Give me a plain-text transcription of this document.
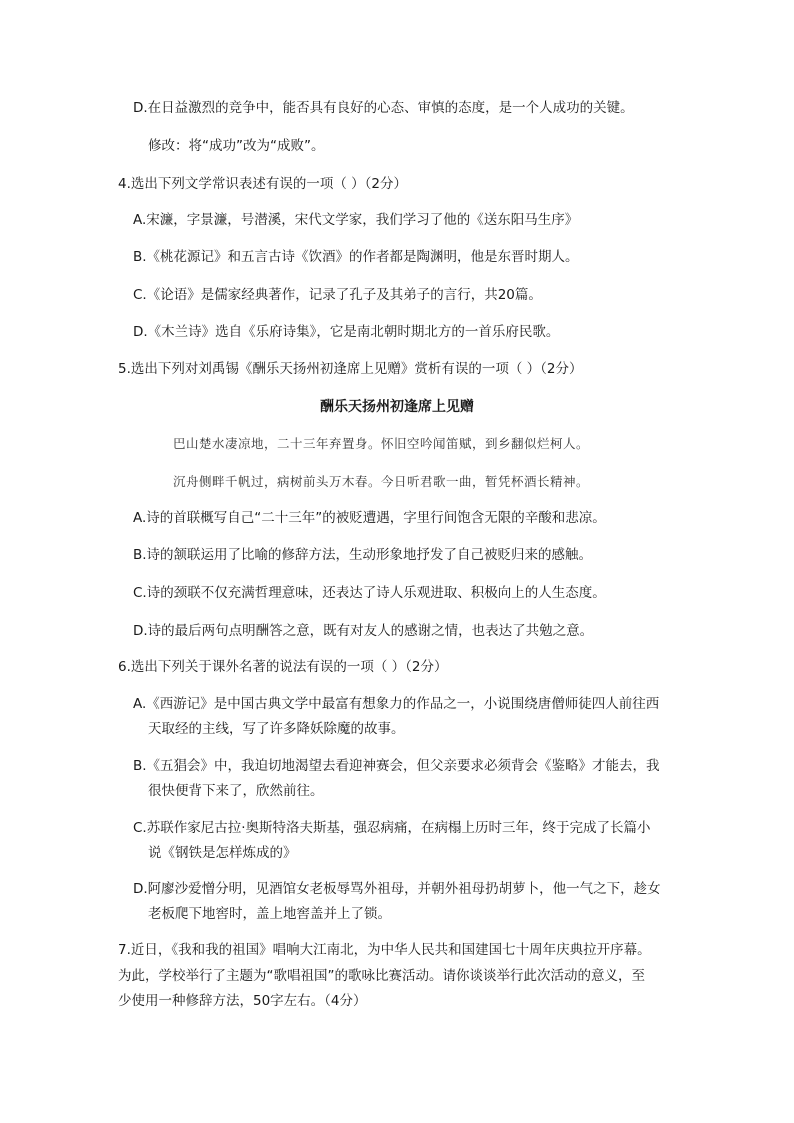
D.在日益激烈的竞争中，能否具有良好的心态、审慎的态度，是一个人成功的关键。
修改：将“成功”改为“成败”。
4.选出下列文学常识表述有误的一项（ ）（2分）
A.宋濂，字景濂，号潜溪，宋代文学家，我们学习了他的《送东阳马生序》
B.《桃花源记》和五言古诗《饮酒》的作者都是陶渊明，他是东晋时期人。
C.《论语》是儒家经典著作，记录了孔子及其弟子的言行，共20篇。
D.《木兰诗》选自《乐府诗集》，它是南北朝时期北方的一首乐府民歌。
5.选出下列对刘禹锡《酬乐天扬州初逢席上见赠》赏析有误的一项（ ）（2分）
酬乐天扬州初逢席上见赠
巴山楚水凄凉地，二十三年弃置身。怀旧空吟闻笛赋，到乡翻似烂柯人。
沉舟侧畔千帆过，病树前头万木春。今日听君歌一曲，暂凭杯酒长精神。
A.诗的首联概写自己“二十三年”的被贬遭遇，字里行间饱含无限的辛酸和悲凉。
B.诗的颔联运用了比喻的修辞方法，生动形象地抒发了自己被贬归来的感触。
C.诗的颈联不仅充满哲理意味，还表达了诗人乐观进取、积极向上的人生态度。
D.诗的最后两句点明酬答之意，既有对友人的感谢之情，也表达了共勉之意。
6.选出下列关于课外名著的说法有误的一项（ ）（2分）
A.《西游记》是中国古典文学中最富有想象力的作品之一，小说围绕唐僧师徒四人前往西
天取经的主线，写了许多降妖除魔的故事。
B.《五猖会》中，我迫切地渴望去看迎神赛会，但父亲要求必须背会《鉴略》才能去，我
很快便背下来了，欣然前往。
C.苏联作家尼古拉·奥斯特洛夫斯基，强忍病痛，在病榻上历时三年，终于完成了长篇小
说《钢铁是怎样炼成的》
D.阿廖沙爱憎分明，见酒馆女老板辱骂外祖母，并朝外祖母扔胡萝卜，他一气之下，趁女
老板爬下地窖时，盖上地窖盖并上了锁。
7.近日，《我和我的祖国》唱响大江南北，为中华人民共和国建国七十周年庆典拉开序幕。
为此，学校举行了主题为“歌唱祖国”的歌咏比赛活动。请你谈谈举行此次活动的意义，至
少使用一种修辞方法，50字左右。（4分）
